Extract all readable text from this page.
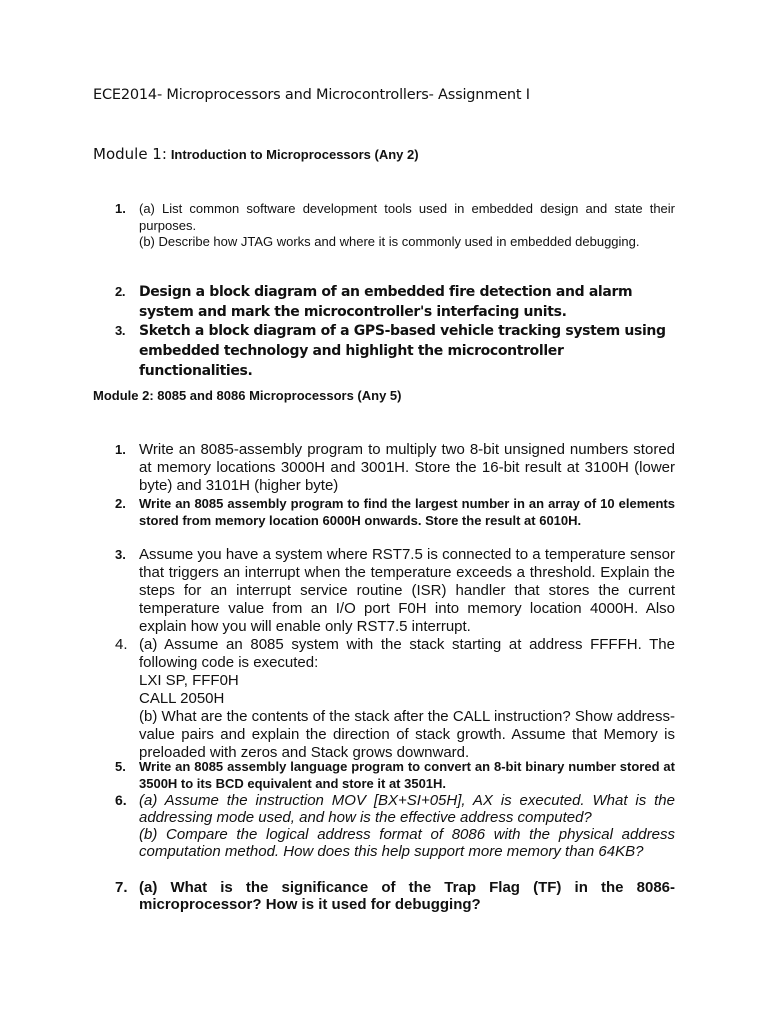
ECE2014- Microprocessors and Microcontrollers- Assignment I
Module 1: Introduction to Microprocessors (Any 2)
1.	(a) List common software development tools used in embedded design and state their purposes.
(b) Describe how JTAG works and where it is commonly used in embedded debugging.
2. Design a block diagram of an embedded fire detection and alarm system and mark the microcontroller's interfacing units.
3. Sketch a block diagram of a GPS-based vehicle tracking system using embedded technology and highlight the microcontroller functionalities.
Module 2: 8085 and 8086 Microprocessors (Any 5)
1. Write an 8085-assembly program to multiply two 8-bit unsigned numbers stored at memory locations 3000H and 3001H. Store the 16-bit result at 3100H (lower byte) and 3101H (higher byte)
2.	Write an 8085 assembly program to find the largest number in an array of 10 elements stored from memory location 6000H onwards. Store the result at 6010H.
3. Assume you have a system where RST7.5 is connected to a temperature sensor that triggers an interrupt when the temperature exceeds a threshold. Explain the steps for an interrupt service routine (ISR) handler that stores the current temperature value from an I/O port F0H into memory location 4000H. Also explain how you will enable only RST7.5 interrupt.
4. (a) Assume an 8085 system with the stack starting at address FFFFH. The following code is executed:
LXI SP, FFF0H
CALL 2050H
(b) What are the contents of the stack after the CALL instruction? Show address-value pairs and explain the direction of stack growth. Assume that Memory is preloaded with zeros and Stack grows downward.
5.	Write an 8085 assembly language program to convert an 8-bit binary number stored at 3500H to its BCD equivalent and store it at 3501H.
6. (a) Assume the instruction MOV [BX+SI+05H], AX is executed. What is the addressing mode used, and how is the effective address computed?
(b) Compare the logical address format of 8086 with the physical address computation method. How does this help support more memory than 64KB?
7. (a) What is the significance of the Trap Flag (TF) in the 8086-microprocessor? How is it used for debugging?
